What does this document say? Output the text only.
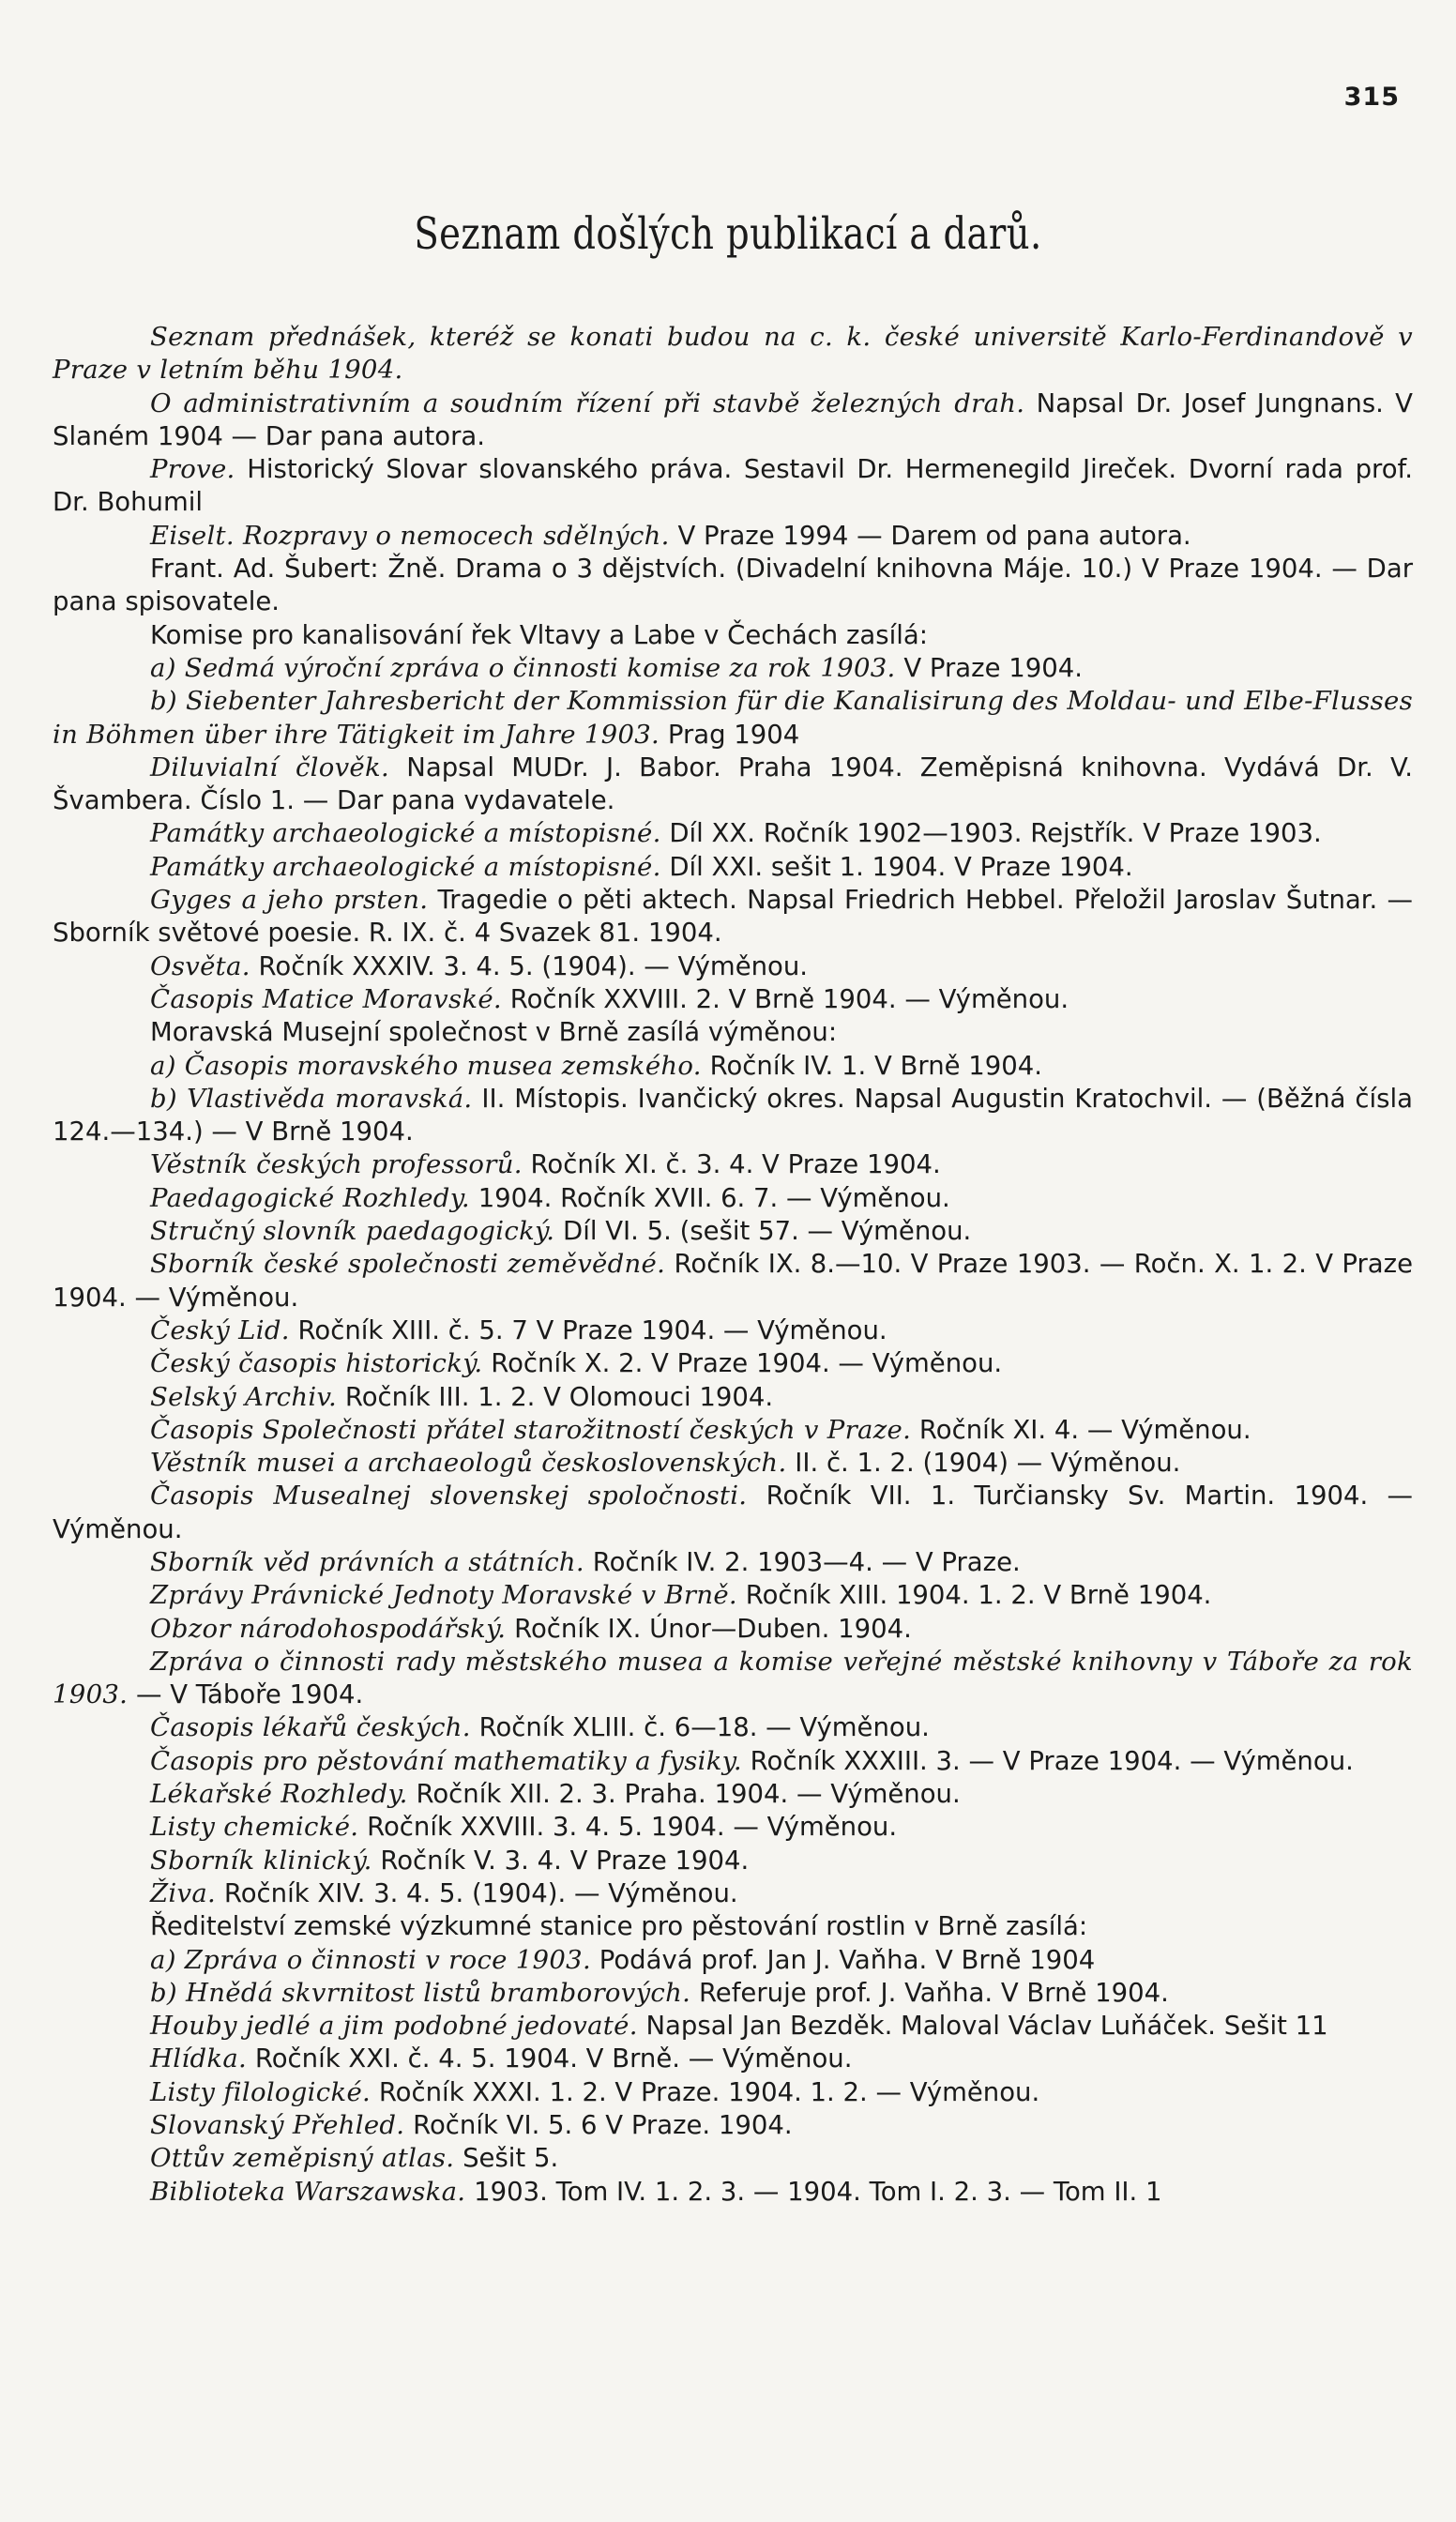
315
Seznam došlých publikací a darů.

Seznam přednášek, kteréž se konati budou na c. k. české universitě Karlo-Ferdinandově v Praze v letním běhu 1904.

O administrativním a soudním řízení při stavbě železných drah. Napsal Dr. Josef Jungnans. V Slaném 1904 — Dar pana autora.

Prove. Historický Slovar slovanského práva. Sestavil Dr. Hermenegild Jireček. Dvorní rada prof. Dr. Bohumil

Eiselt. Rozpravy o nemocech sdělných. V Praze 1994 — Darem od pana autora.

Frant. Ad. Šubert: Žně. Drama o 3 dějstvích. (Divadelní knihovna Máje. 10.) V Praze 1904. — Dar pana spisovatele.

Komise pro kanalisování řek Vltavy a Labe v Čechách zasílá:

a) Sedmá výroční zpráva o činnosti komise za rok 1903. V Praze 1904.

b) Siebenter Jahresbericht der Kommission für die Kanalisirung des Moldau- und Elbe-Flusses in Böhmen über ihre Tätigkeit im Jahre 1903. Prag 1904

Diluvialní člověk. Napsal MUDr. J. Babor. Praha 1904. Zeměpisná knihovna. Vydává Dr. V. Švambera. Číslo 1. — Dar pana vydavatele.

Památky archaeologické a místopisné. Díl XX. Ročník 1902—1903. Rejstřík. V Praze 1903.

Památky archaeologické a místopisné. Díl XXI. sešit 1. 1904. V Praze 1904.

Gyges a jeho prsten. Tragedie o pěti aktech. Napsal Friedrich Hebbel. Přeložil Jaroslav Šutnar. — Sborník světové poesie. R. IX. č. 4 Svazek 81. 1904.

Osvěta. Ročník XXXIV. 3. 4. 5. (1904). — Výměnou.

Časopis Matice Moravské. Ročník XXVIII. 2. V Brně 1904. — Výměnou.

Moravská Musejní společnost v Brně zasílá výměnou:

a) Časopis moravského musea zemského. Ročník IV. 1. V Brně 1904.

b) Vlastivěda moravská. II. Místopis. Ivančický okres. Napsal Augustin Kratochvil. — (Běžná čísla 124.—134.) — V Brně 1904.

Věstník českých professorů. Ročník XI. č. 3. 4. V Praze 1904.

Paedagogické Rozhledy. 1904. Ročník XVII. 6. 7. — Výměnou.

Stručný slovník paedagogický. Díl VI. 5. (sešit 57. — Výměnou.

Sborník české společnosti zeměvědné. Ročník IX. 8.—10. V Praze 1903. — Ročn. X. 1. 2. V Praze 1904. — Výměnou.

Český Lid. Ročník XIII. č. 5. 7 V Praze 1904. — Výměnou.

Český časopis historický. Ročník X. 2. V Praze 1904. — Výměnou.

Selský Archiv. Ročník III. 1. 2. V Olomouci 1904.

Časopis Společnosti přátel starožitností českých v Praze. Ročník XI. 4. — Výměnou.

Věstník musei a archaeologů československých. II. č. 1. 2. (1904) — Výměnou.

Časopis Musealnej slovenskej spoločnosti. Ročník VII. 1. Turčiansky Sv. Martin. 1904. — Výměnou.

Sborník věd právních a státních. Ročník IV. 2. 1903—4. — V Praze.

Zprávy Právnické Jednoty Moravské v Brně. Ročník XIII. 1904. 1. 2. V Brně 1904.

Obzor národohospodářský. Ročník IX. Únor—Duben. 1904.

Zpráva o činnosti rady městského musea a komise veřejné městské knihovny v Táboře za rok 1903. — V Táboře 1904.

Časopis lékařů českých. Ročník XLIII. č. 6—18. — Výměnou.

Časopis pro pěstování mathematiky a fysiky. Ročník XXXIII. 3. — V Praze 1904. — Výměnou.

Lékařské Rozhledy. Ročník XII. 2. 3. Praha. 1904. — Výměnou.

Listy chemické. Ročník XXVIII. 3. 4. 5. 1904. — Výměnou.

Sborník klinický. Ročník V. 3. 4. V Praze 1904.

Živa. Ročník XIV. 3. 4. 5. (1904). — Výměnou.

Ředitelství zemské výzkumné stanice pro pěstování rostlin v Brně zasílá:

a) Zpráva o činnosti v roce 1903. Podává prof. Jan J. Vaňha. V Brně 1904

b) Hnědá skvrnitost listů bramborových. Referuje prof. J. Vaňha. V Brně 1904.

Houby jedlé a jim podobné jedovaté. Napsal Jan Bezděk. Maloval Václav Luňáček. Sešit 11

Hlídka. Ročník XXI. č. 4. 5. 1904. V Brně. — Výměnou.

Listy filologické. Ročník XXXI. 1. 2. V Praze. 1904. 1. 2. — Výměnou.

Slovanský Přehled. Ročník VI. 5. 6 V Praze. 1904.

Ottův zeměpisný atlas. Sešit 5.

Biblioteka Warszawska. 1903. Tom IV. 1. 2. 3. — 1904. Tom I. 2. 3. — Tom II. 1
